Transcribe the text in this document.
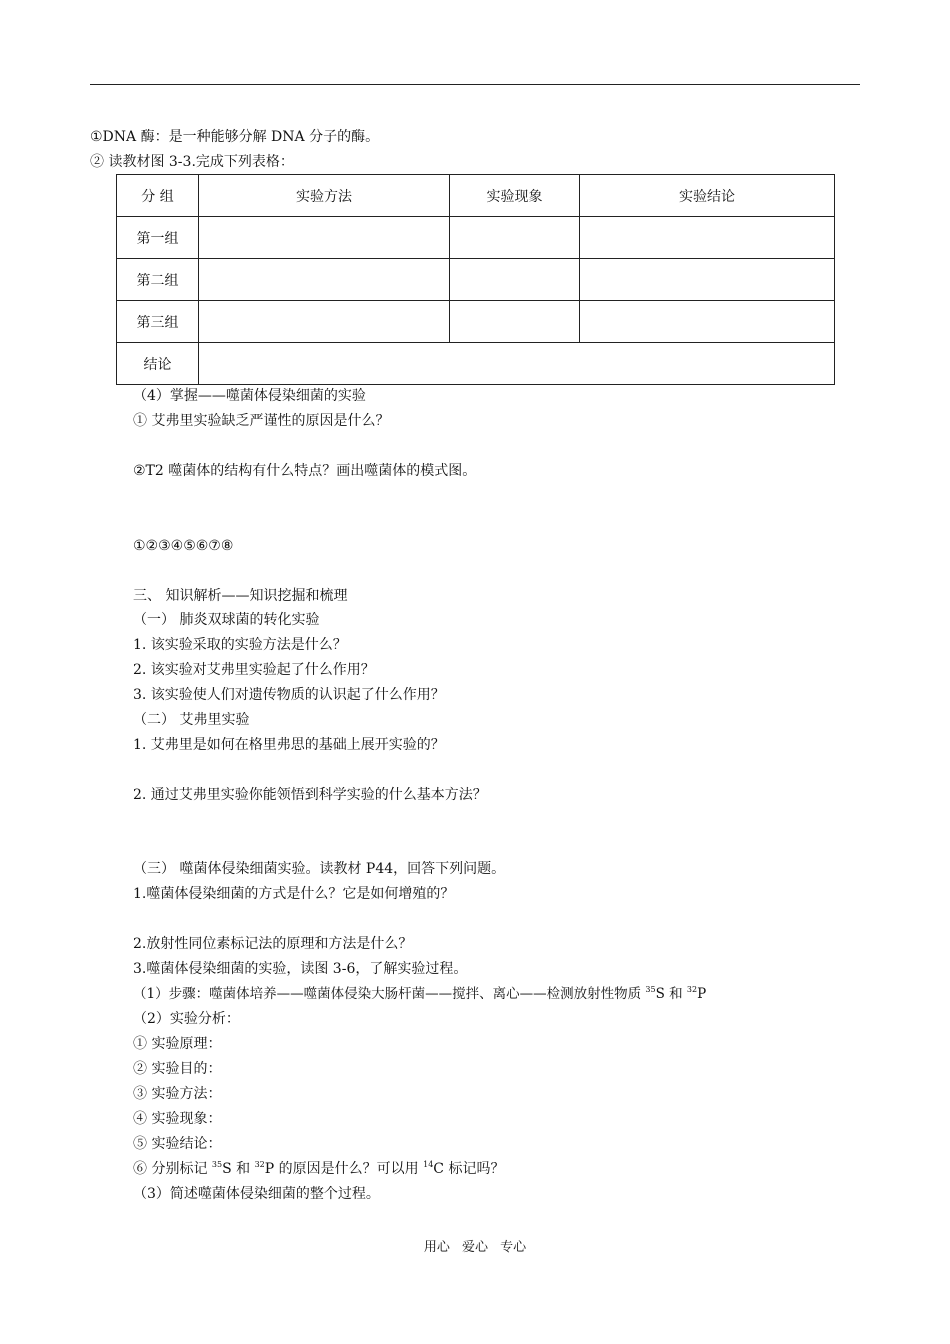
①DNA 酶：是一种能够分解 DNA 分子的酶。
② 读教材图 3-3.完成下列表格：
分 组	实验方法	实验现象	实验结论
第一组			
第二组			
第三组			
结论			
（4）掌握——噬菌体侵染细菌的实验
① 艾弗里实验缺乏严谨性的原因是什么？
②T2 噬菌体的结构有什么特点？画出噬菌体的模式图。
①②③④⑤⑥⑦⑧
三、 知识解析——知识挖掘和梳理
（一） 肺炎双球菌的转化实验
1. 该实验采取的实验方法是什么？
2. 该实验对艾弗里实验起了什么作用？
3. 该实验使人们对遗传物质的认识起了什么作用？
（二） 艾弗里实验
1. 艾弗里是如何在格里弗思的基础上展开实验的？
2. 通过艾弗里实验你能领悟到科学实验的什么基本方法？
（三） 噬菌体侵染细菌实验。读教材 P44，回答下列问题。
1.噬菌体侵染细菌的方式是什么？它是如何增殖的？
2.放射性同位素标记法的原理和方法是什么？
3.噬菌体侵染细菌的实验，读图 3-6，了解实验过程。
（1）步骤：噬菌体培养——噬菌体侵染大肠杆菌——搅拌、离心——检测放射性物质 $^{35}$S 和 $^{32}$P
（2）实验分析：
① 实验原理：
② 实验目的：
③ 实验方法：
④ 实验现象：
⑤ 实验结论：
⑥ 分别标记 $^{35}$S 和 $^{32}$P 的原因是什么？可以用 $^{14}$C 标记吗？
（3）简述噬菌体侵染细菌的整个过程。
用心 爱心 专心
